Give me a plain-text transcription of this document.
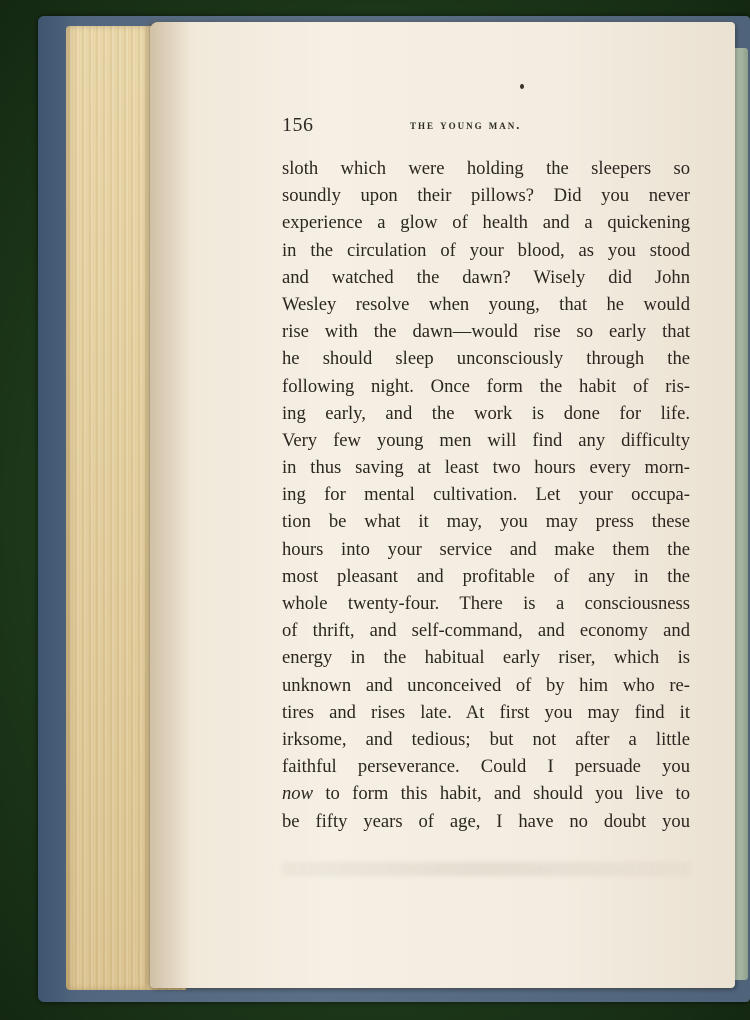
156	the young man.
sloth which were holding the sleepers so
soundly upon their pillows? Did you never
experience a glow of health and a quickening
in the circulation of your blood, as you stood
and watched the dawn? Wisely did John
Wesley resolve when young, that he would
rise with the dawn—would rise so early that
he should sleep unconsciously through the
following night. Once form the habit of ris-
ing early, and the work is done for life.
Very few young men will find any difficulty
in thus saving at least two hours every morn-
ing for mental cultivation. Let your occupa-
tion be what it may, you may press these
hours into your service and make them the
most pleasant and profitable of any in the
whole twenty-four. There is a consciousness
of thrift, and self-command, and economy and
energy in the habitual early riser, which is
unknown and unconceived of by him who re-
tires and rises late. At first you may find it
irksome, and tedious; but not after a little
faithful perseverance. Could I persuade you
now to form this habit, and should you live to
be fifty years of age, I have no doubt you
